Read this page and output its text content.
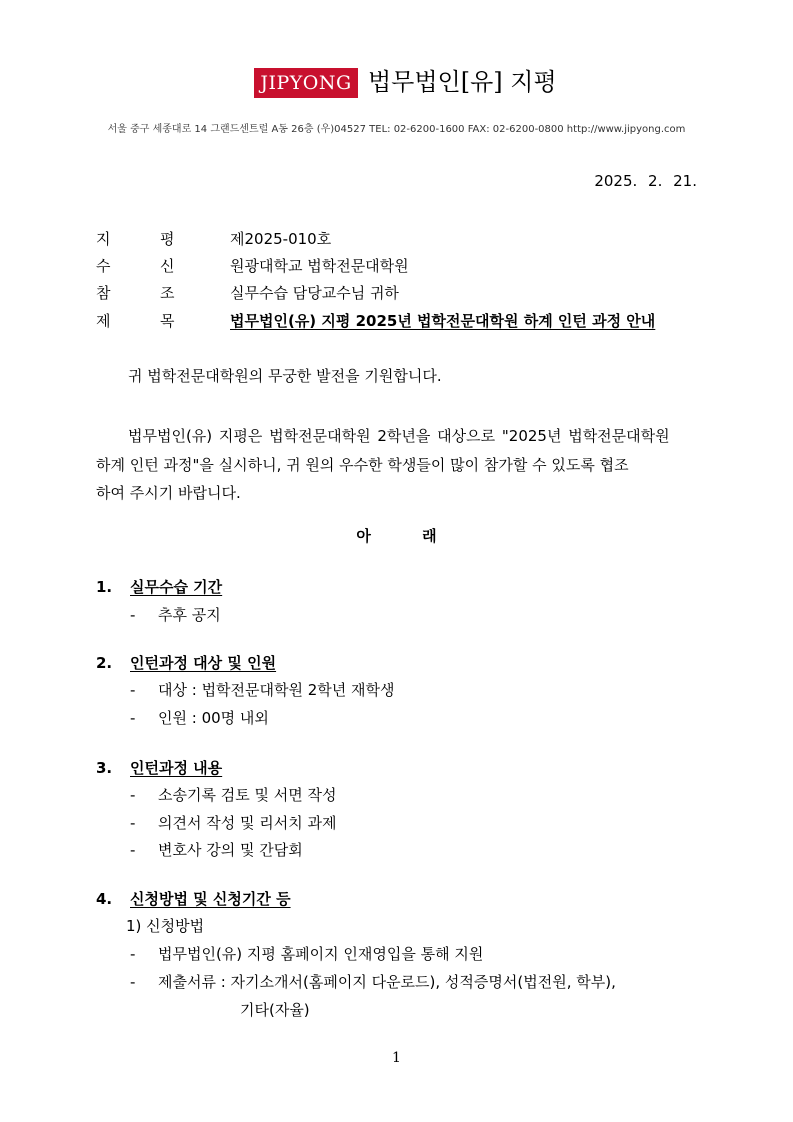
JIPYONG 법무법인[유] 지평
서울 중구 세종대로 14 그랜드센트럴 A동 26층 (우)04527 TEL: 02-6200-1600 FAX: 02-6200-0800 http://www.jipyong.com
2025. 2. 21.
지	평	제2025-010호
수	신	원광대학교 법학전문대학원
참	조	실무수습 담당교수님 귀하
제	목	법무법인(유) 지평 2025년 법학전문대학원 하계 인턴 과정 안내
귀 법학전문대학원의 무궁한 발전을 기원합니다.
법무법인(유) 지평은 법학전문대학원 2학년을 대상으로 "2025년 법학전문대학원
하계 인턴 과정"을 실시하니, 귀 원의 우수한 학생들이 많이 참가할 수 있도록 협조
하여 주시기 바랍니다.
아 래
1. 실무수습 기간
- 추후 공지
2. 인턴과정 대상 및 인원
- 대상 : 법학전문대학원 2학년 재학생
- 인원 : 00명 내외
3. 인턴과정 내용
- 소송기록 검토 및 서면 작성
- 의견서 작성 및 리서치 과제
- 변호사 강의 및 간담회
4. 신청방법 및 신청기간 등
1) 신청방법
- 법무법인(유) 지평 홈페이지 인재영입을 통해 지원
- 제출서류 : 자기소개서(홈페이지 다운로드), 성적증명서(법전원, 학부),
기타(자율)
1
